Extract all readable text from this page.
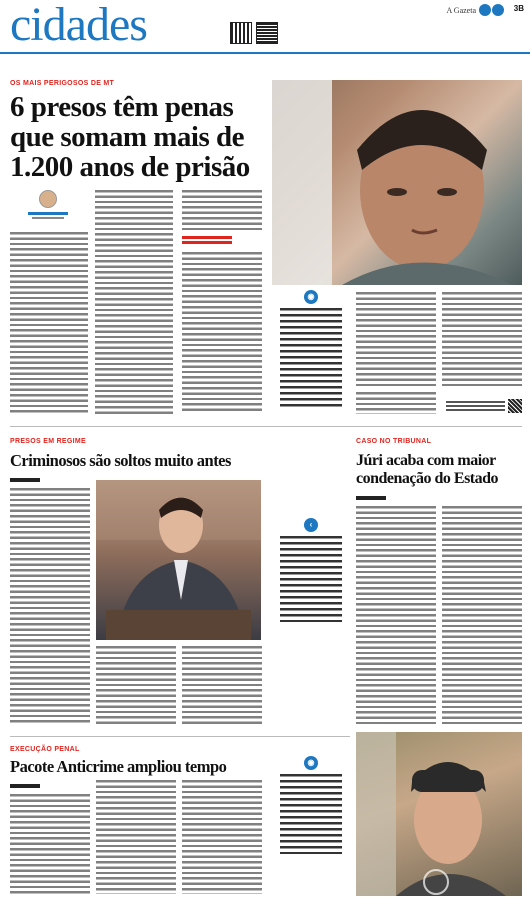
cidades	A Gazeta	3B
OS MAIS PERIGOSOS DE MT
6 presos têm penas
que somam mais de
1.200 anos de prisão
◉
PRESOS EM REGIME
Criminosos são soltos muito antes
‹
CASO NO TRIBUNAL
Júri acaba com maior
condenação do Estado
EXECUÇÃO PENAL
Pacote Anticrime ampliou tempo	◉
